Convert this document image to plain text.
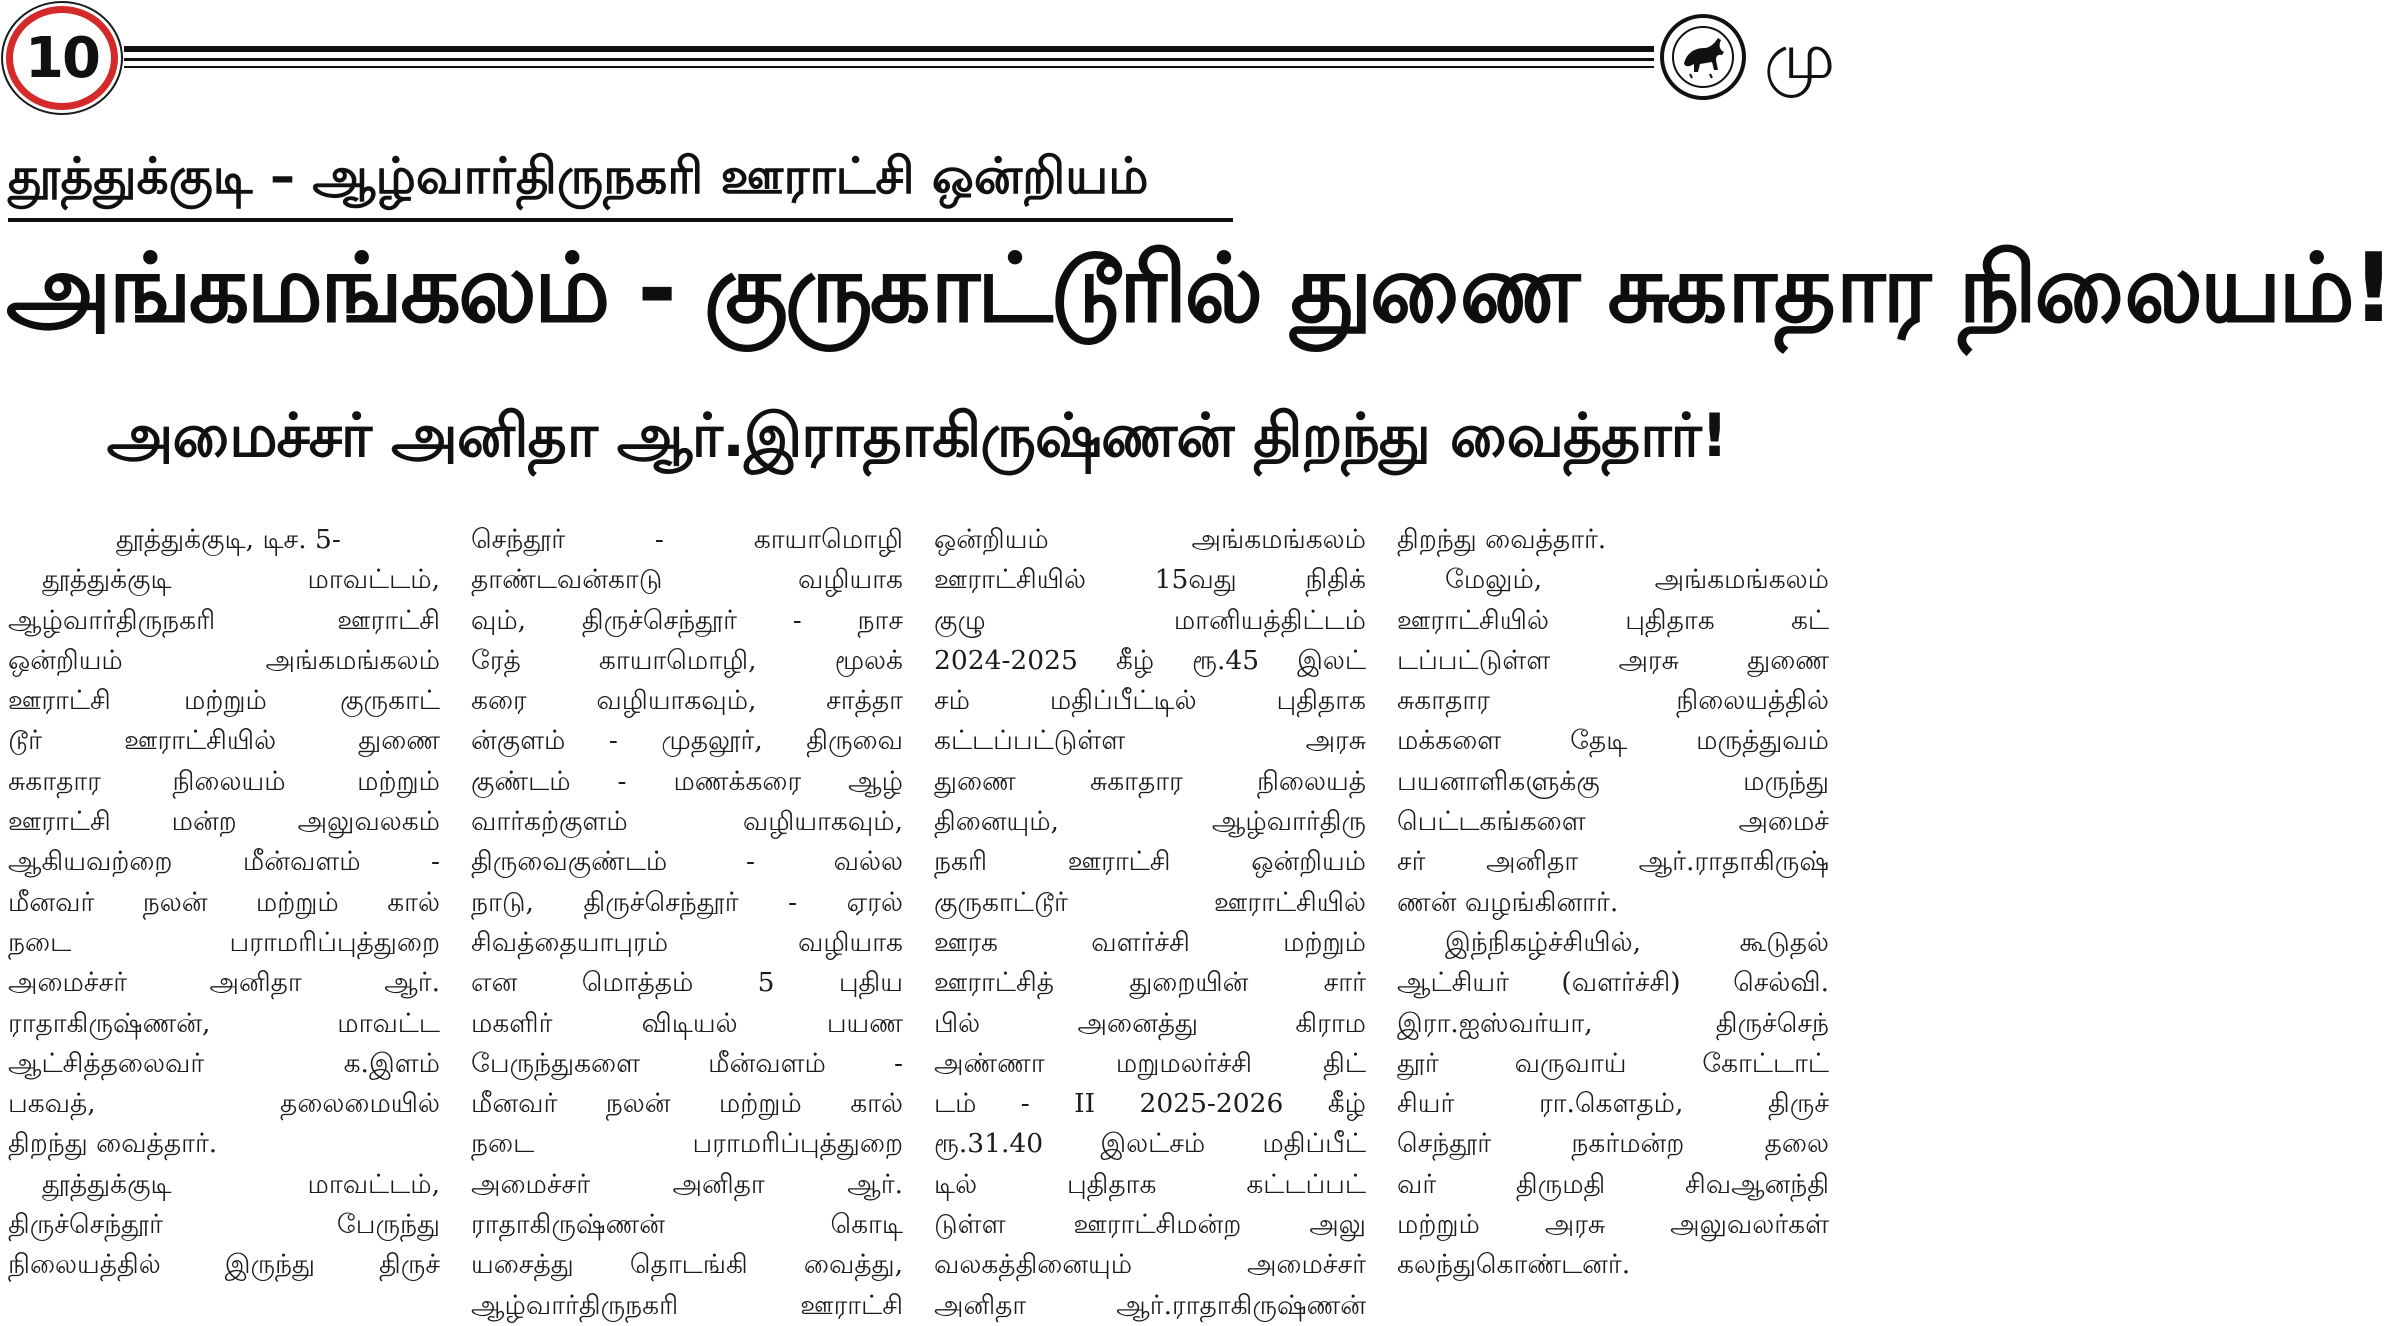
10	மு
தூத்துக்குடி – ஆழ்வார்திருநகரி ஊராட்சி ஒன்றியம்
அங்கமங்கலம் - குருகாட்டூரில் துணை சுகாதார நிலையம்!
அமைச்சர் அனிதா ஆர்.இராதாகிருஷ்ணன் திறந்து வைத்தார்!
தூத்துக்குடி, டிச. 5-
தூத்துக்குடி மாவட்டம்,
ஆழ்வார்திருநகரி ஊராட்சி
ஒன்றியம் அங்கமங்கலம்
ஊராட்சி மற்றும் குருகாட்
டூர் ஊராட்சியில் துணை
சுகாதார நிலையம் மற்றும்
ஊராட்சி மன்ற அலுவலகம்
ஆகியவற்றை மீன்வளம் -
மீனவர் நலன் மற்றும் கால்
நடை பராமரிப்புத்துறை
அமைச்சர் அனிதா ஆர்.
ராதாகிருஷ்ணன், மாவட்ட
ஆட்சித்தலைவர் க.இளம்
பகவத், தலைமையில்
திறந்து வைத்தார்.
தூத்துக்குடி மாவட்டம்,
திருச்செந்தூர் பேருந்து
நிலையத்தில் இருந்து திருச்
செந்தூர் - காயாமொழி
தாண்டவன்காடு வழியாக
வும், திருச்செந்தூர் - நாச
ரேத் காயாமொழி, மூலக்
கரை வழியாகவும், சாத்தா
ன்குளம் - முதலூர், திருவை
குண்டம் - மணக்கரை ஆழ்
வார்கற்குளம் வழியாகவும்,
திருவைகுண்டம் - வல்ல
நாடு, திருச்செந்தூர் - ஏரல்
சிவத்தையாபுரம் வழியாக
என மொத்தம் 5 புதிய
மகளிர் விடியல் பயண
பேருந்துகளை மீன்வளம் -
மீனவர் நலன் மற்றும் கால்
நடை பராமரிப்புத்துறை
அமைச்சர் அனிதா ஆர்.
ராதாகிருஷ்ணன் கொடி
யசைத்து தொடங்கி வைத்து,
ஆழ்வார்திருநகரி ஊராட்சி
ஒன்றியம் அங்கமங்கலம்
ஊராட்சியில் 15வது நிதிக்
குழு மானியத்திட்டம்
2024-2025 கீழ் ரூ.45 இலட்
சம் மதிப்பீட்டில் புதிதாக
கட்டப்பட்டுள்ள அரசு
துணை சுகாதார நிலையத்
தினையும், ஆழ்வார்திரு
நகரி ஊராட்சி ஒன்றியம்
குருகாட்டூர் ஊராட்சியில்
ஊரக வளர்ச்சி மற்றும்
ஊராட்சித் துறையின் சார்
பில் அனைத்து கிராம
அண்ணா மறுமலர்ச்சி திட்
டம் - II 2025-2026 கீழ்
ரூ.31.40 இலட்சம் மதிப்பீட்
டில் புதிதாக கட்டப்பட்
டுள்ள ஊராட்சிமன்ற அலு
வலகத்தினையும் அமைச்சர்
அனிதா ஆர்.ராதாகிருஷ்ணன்
திறந்து வைத்தார்.
மேலும், அங்கமங்கலம்
ஊராட்சியில் புதிதாக கட்
டப்பட்டுள்ள அரசு துணை
சுகாதார நிலையத்தில்
மக்களை தேடி மருத்துவம்
பயனாளிகளுக்கு மருந்து
பெட்டகங்களை அமைச்
சர் அனிதா ஆர்.ராதாகிருஷ்
ணன் வழங்கினார்.
இந்நிகழ்ச்சியில், கூடுதல்
ஆட்சியர் (வளர்ச்சி) செல்வி.
இரா.ஐஸ்வர்யா, திருச்செந்
தூர் வருவாய் கோட்டாட்
சியர் ரா.கௌதம், திருச்
செந்தூர் நகர்மன்ற தலை
வர் திருமதி சிவஆனந்தி
மற்றும் அரசு அலுவலர்கள்
கலந்துகொண்டனர்.
